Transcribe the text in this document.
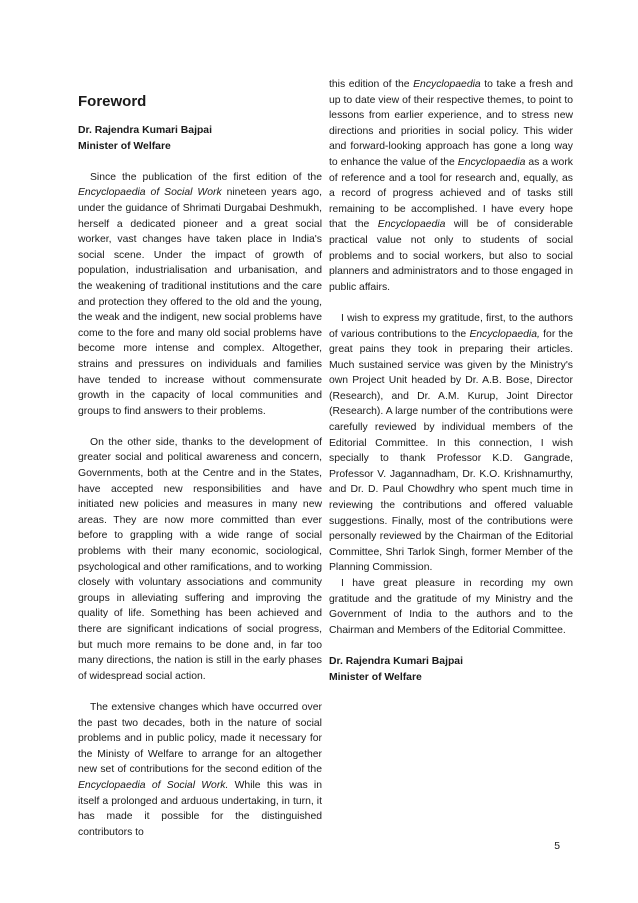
Foreword
Dr. Rajendra Kumari Bajpai
Minister of Welfare

Since the publication of the first edition of the Encyclopaedia of Social Work nineteen years ago, under the guidance of Shrimati Durgabai Deshmukh, herself a dedicated pioneer and a great social worker, vast changes have taken place in India's social scene. Under the impact of growth of population, industrialisation and urbanisation, and the weakening of traditional institutions and the care and protection they offered to the old and the young, the weak and the indigent, new social problems have come to the fore and many old social problems have become more intense and complex. Altogether, strains and pressures on individuals and families have tended to increase without commensurate growth in the capacity of local communities and groups to find answers to their problems.

On the other side, thanks to the development of greater social and political awareness and concern, Governments, both at the Centre and in the States, have accepted new responsibilities and have initiated new policies and measures in many new areas. They are now more committed than ever before to grappling with a wide range of social problems with their many economic, sociological, psychological and other ramifications, and to working closely with voluntary associations and community groups in alleviating suffering and improving the quality of life. Something has been achieved and there are significant indications of social progress, but much more remains to be done and, in far too many directions, the nation is still in the early phases of widespread social action.

The extensive changes which have occurred over the past two decades, both in the nature of social problems and in public policy, made it necessary for the Ministy of Welfare to arrange for an altogether new set of contributions for the second edition of the Encyclopaedia of Social Work. While this was in itself a prolonged and arduous undertaking, in turn, it has made it possible for the distinguished contributors to

this edition of the Encyclopaedia to take a fresh and up to date view of their respective themes, to point to lessons from earlier experience, and to stress new directions and priorities in social policy. This wider and forward-looking approach has gone a long way to enhance the value of the Encyclopaedia as a work of reference and a tool for research and, equally, as a record of progress achieved and of tasks still remaining to be accomplished. I have every hope that the Encyclopaedia will be of considerable practical value not only to students of social problems and to social workers, but also to social planners and administrators and to those engaged in public affairs.

I wish to express my gratitude, first, to the authors of various contributions to the Encyclopaedia, for the great pains they took in preparing their articles. Much sustained service was given by the Ministry's own Project Unit headed by Dr. A.B. Bose, Director (Research), and Dr. A.M. Kurup, Joint Director (Research). A large number of the contributions were carefully reviewed by individual members of the Editorial Committee. In this connection, I wish specially to thank Professor K.D. Gangrade, Professor V. Jagannadham, Dr. K.O. Krishnamurthy, and Dr. D. Paul Chowdhry who spent much time in reviewing the contributions and offered valuable suggestions. Finally, most of the contributions were personally reviewed by the Chairman of the Editorial Committee, Shri Tarlok Singh, former Member of the Planning Commission.

I have great pleasure in recording my own gratitude and the gratitude of my Ministry and the Government of India to the authors and to the Chairman and Members of the Editorial Committee.

Dr. Rajendra Kumari Bajpai
Minister of Welfare
5
